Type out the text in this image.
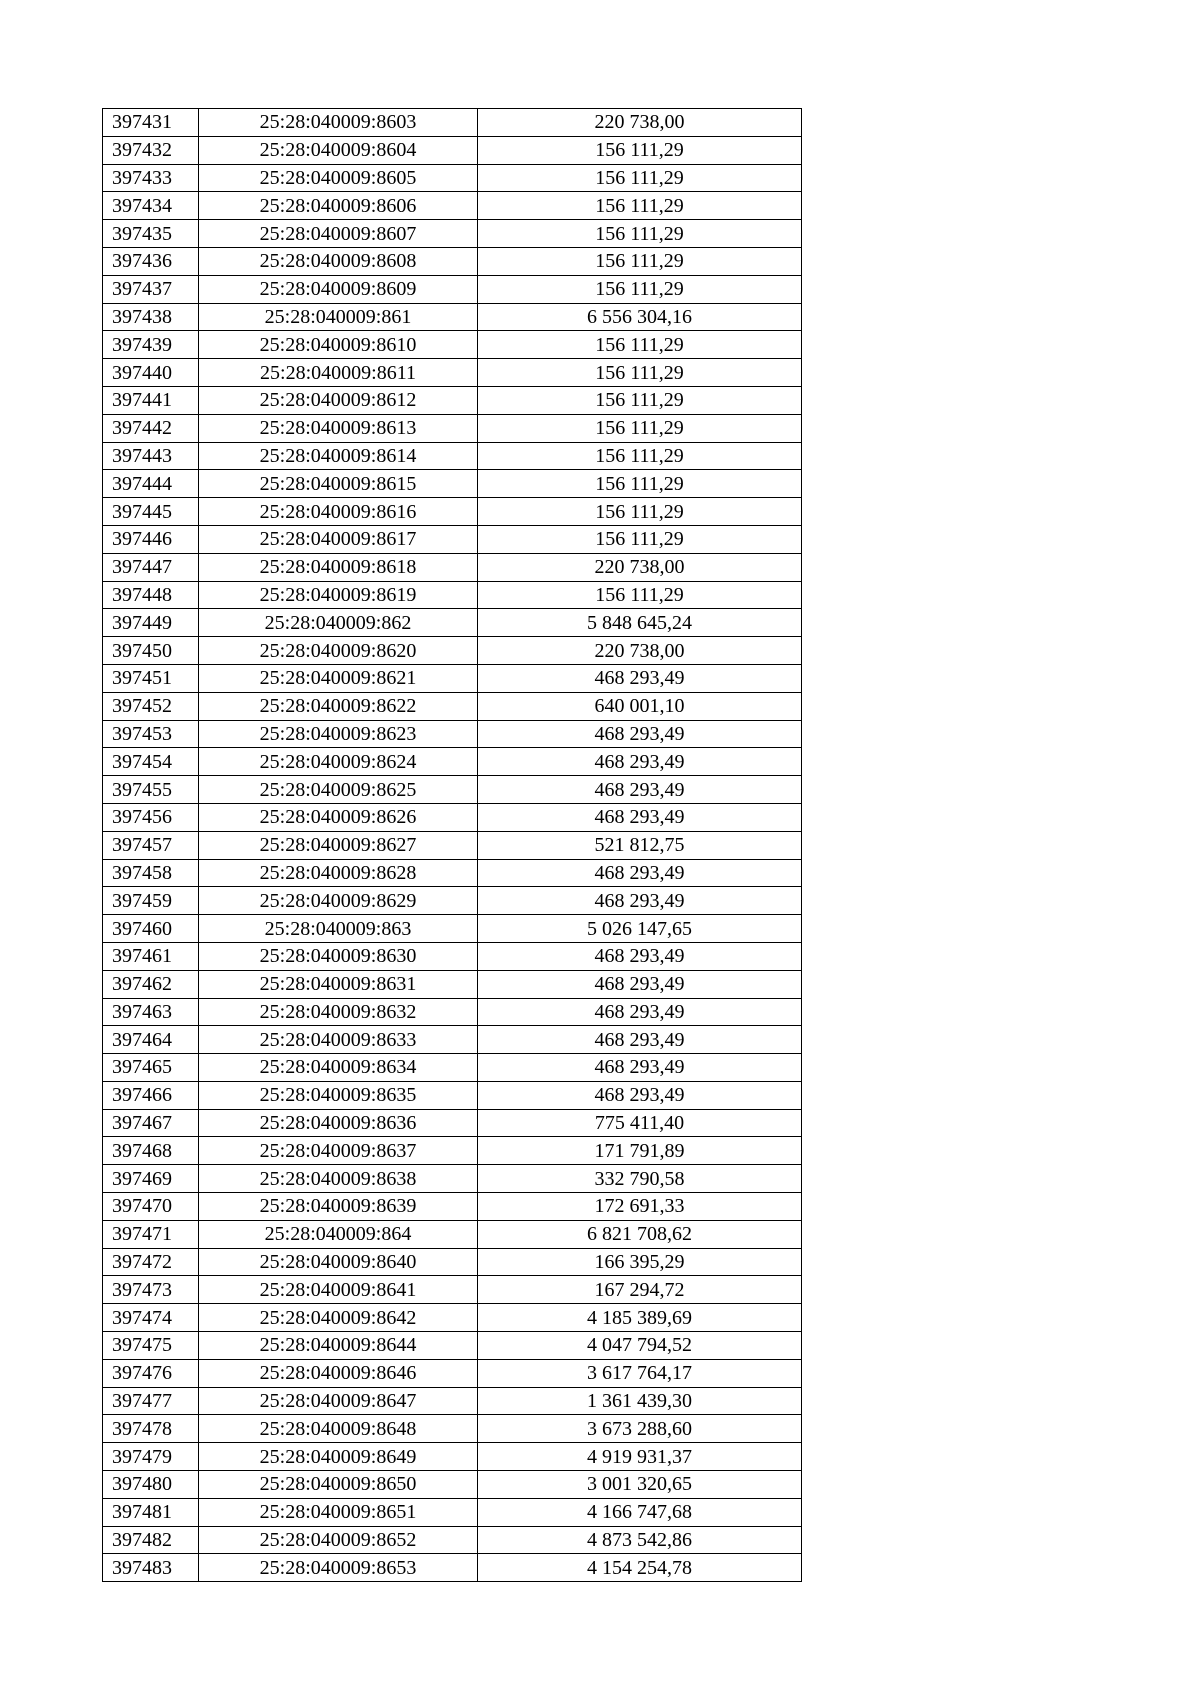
397431	25:28:040009:8603	220 738,00
397432	25:28:040009:8604	156 111,29
397433	25:28:040009:8605	156 111,29
397434	25:28:040009:8606	156 111,29
397435	25:28:040009:8607	156 111,29
397436	25:28:040009:8608	156 111,29
397437	25:28:040009:8609	156 111,29
397438	25:28:040009:861	6 556 304,16
397439	25:28:040009:8610	156 111,29
397440	25:28:040009:8611	156 111,29
397441	25:28:040009:8612	156 111,29
397442	25:28:040009:8613	156 111,29
397443	25:28:040009:8614	156 111,29
397444	25:28:040009:8615	156 111,29
397445	25:28:040009:8616	156 111,29
397446	25:28:040009:8617	156 111,29
397447	25:28:040009:8618	220 738,00
397448	25:28:040009:8619	156 111,29
397449	25:28:040009:862	5 848 645,24
397450	25:28:040009:8620	220 738,00
397451	25:28:040009:8621	468 293,49
397452	25:28:040009:8622	640 001,10
397453	25:28:040009:8623	468 293,49
397454	25:28:040009:8624	468 293,49
397455	25:28:040009:8625	468 293,49
397456	25:28:040009:8626	468 293,49
397457	25:28:040009:8627	521 812,75
397458	25:28:040009:8628	468 293,49
397459	25:28:040009:8629	468 293,49
397460	25:28:040009:863	5 026 147,65
397461	25:28:040009:8630	468 293,49
397462	25:28:040009:8631	468 293,49
397463	25:28:040009:8632	468 293,49
397464	25:28:040009:8633	468 293,49
397465	25:28:040009:8634	468 293,49
397466	25:28:040009:8635	468 293,49
397467	25:28:040009:8636	775 411,40
397468	25:28:040009:8637	171 791,89
397469	25:28:040009:8638	332 790,58
397470	25:28:040009:8639	172 691,33
397471	25:28:040009:864	6 821 708,62
397472	25:28:040009:8640	166 395,29
397473	25:28:040009:8641	167 294,72
397474	25:28:040009:8642	4 185 389,69
397475	25:28:040009:8644	4 047 794,52
397476	25:28:040009:8646	3 617 764,17
397477	25:28:040009:8647	1 361 439,30
397478	25:28:040009:8648	3 673 288,60
397479	25:28:040009:8649	4 919 931,37
397480	25:28:040009:8650	3 001 320,65
397481	25:28:040009:8651	4 166 747,68
397482	25:28:040009:8652	4 873 542,86
397483	25:28:040009:8653	4 154 254,78
